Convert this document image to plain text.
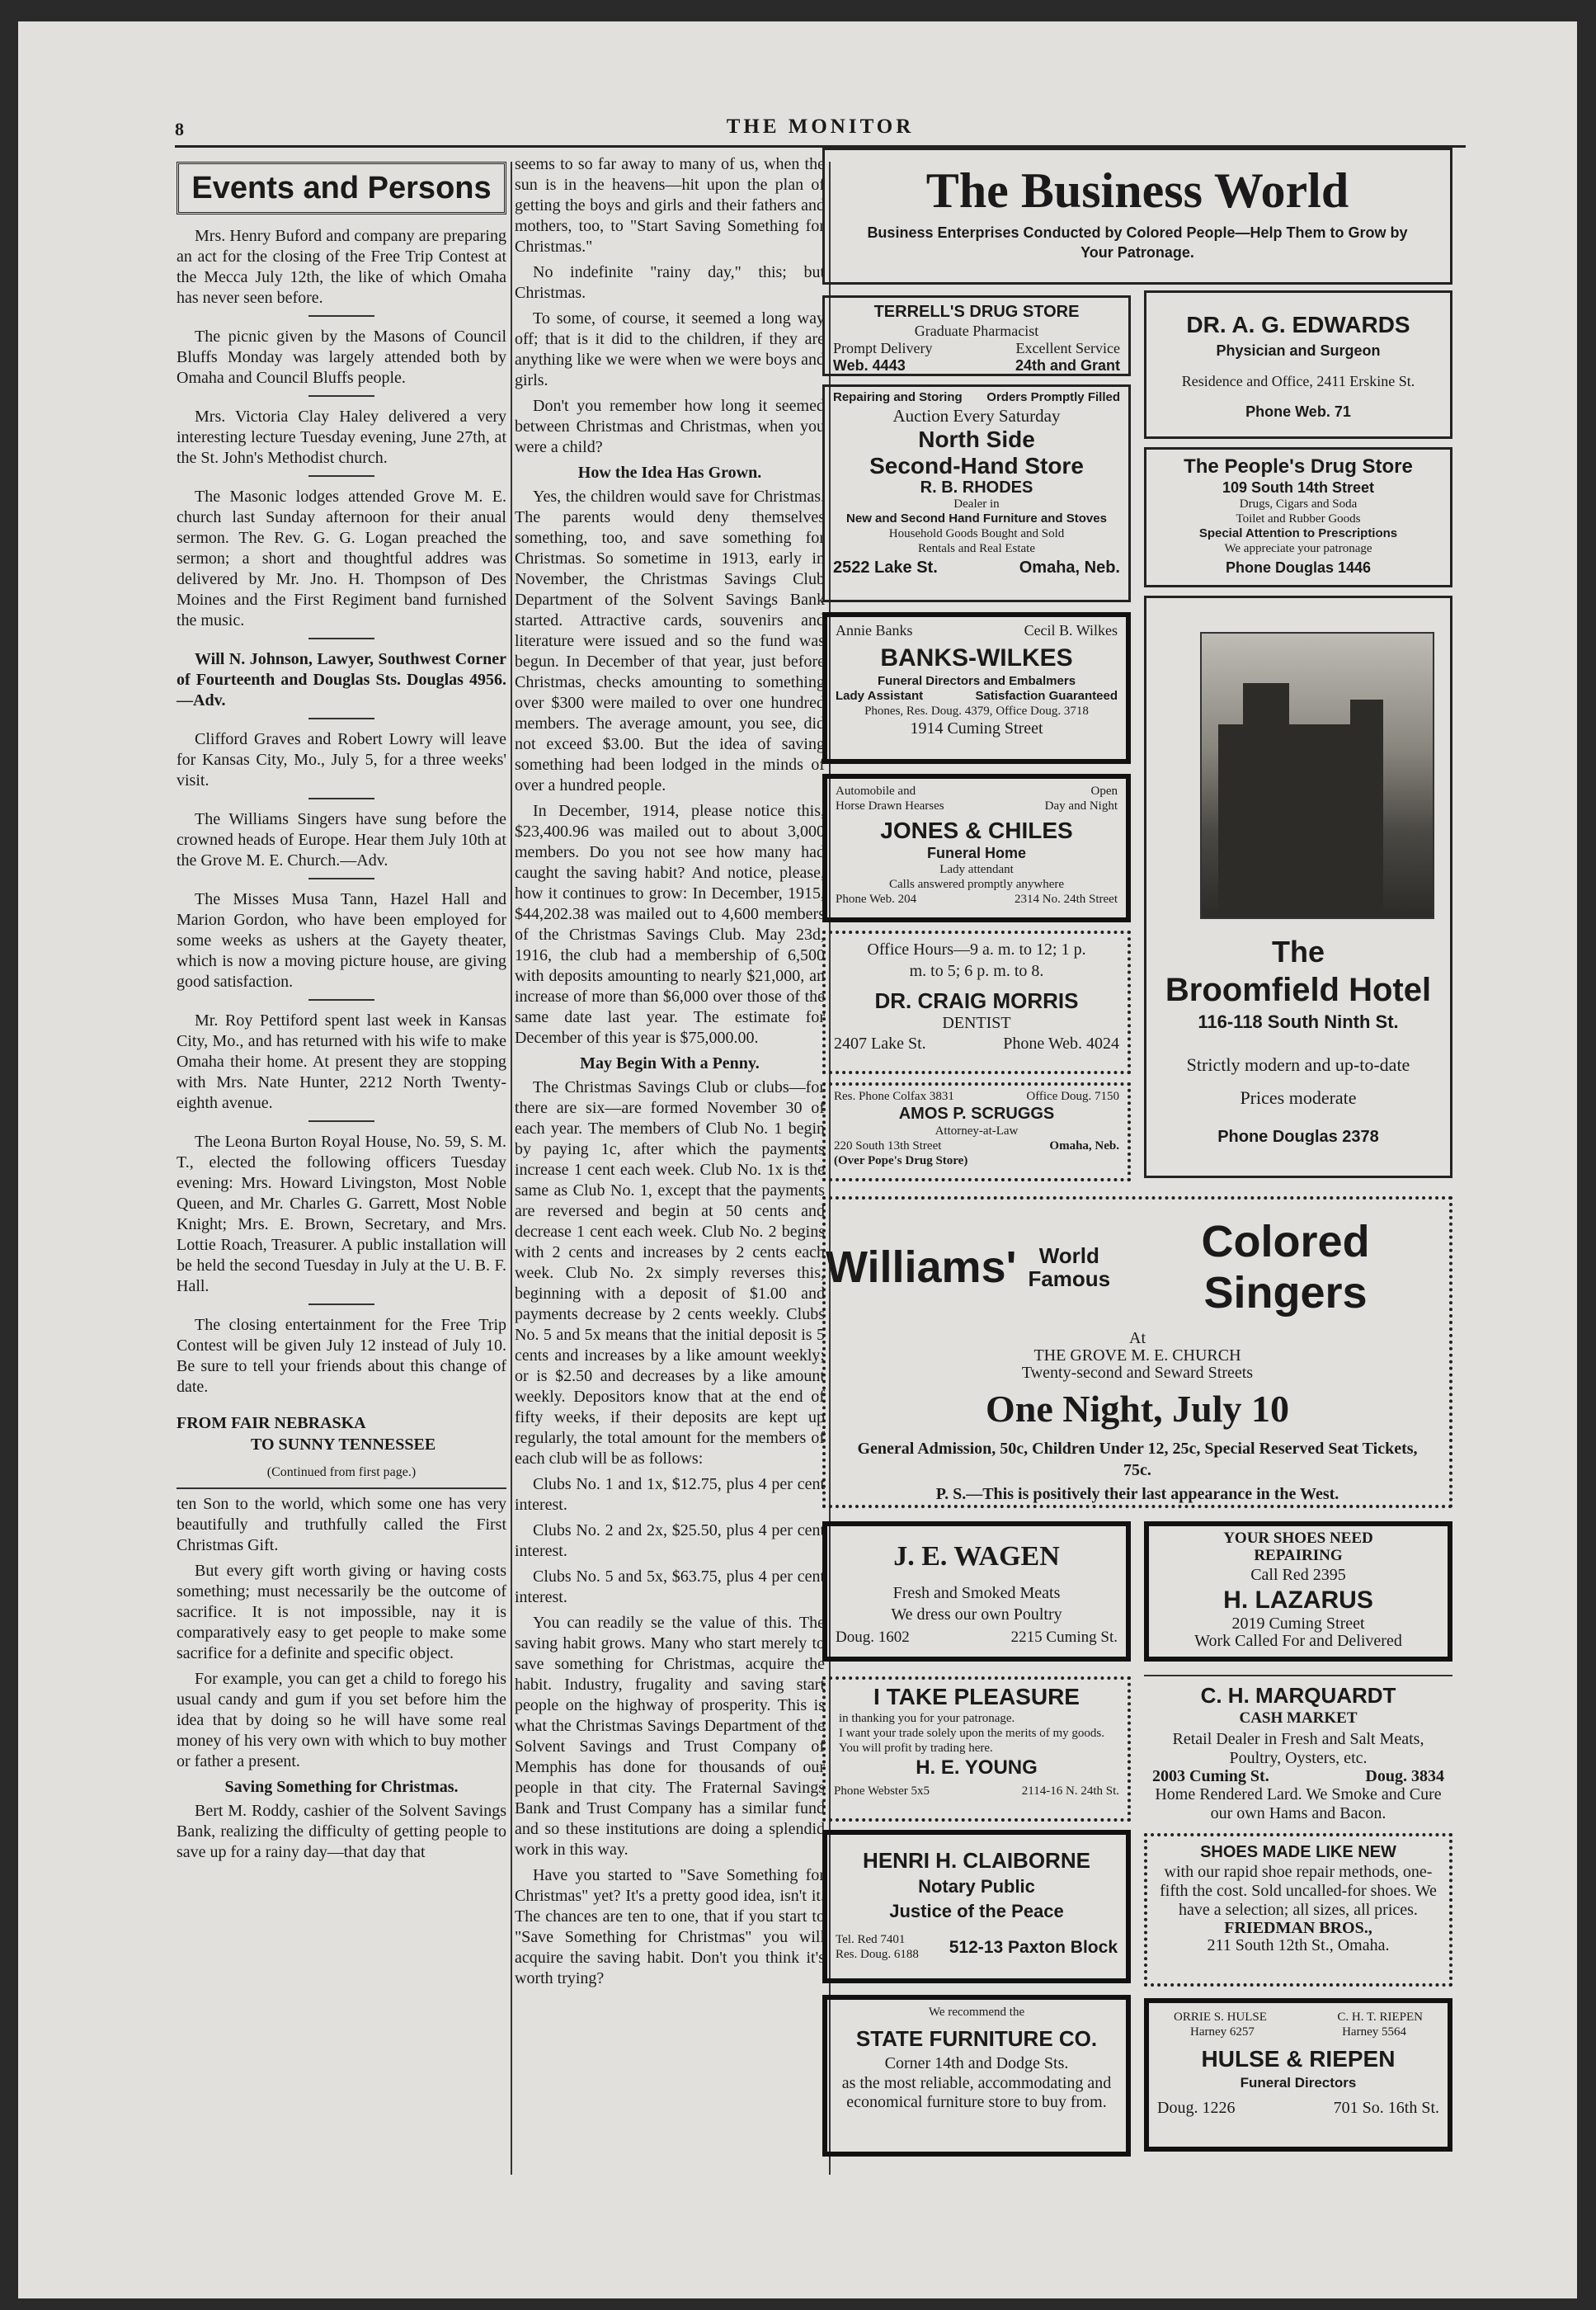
8	THE MONITOR
Events and Persons

Mrs. Henry Buford and company are preparing an act for the closing of the Free Trip Contest at the Mecca July 12th, the like of which Omaha has never seen before.

The picnic given by the Masons of Council Bluffs Monday was largely attended both by Omaha and Council Bluffs people.

Mrs. Victoria Clay Haley delivered a very interesting lecture Tuesday evening, June 27th, at the St. John's Methodist church.

The Masonic lodges attended Grove M. E. church last Sunday afternoon for their anual sermon. The Rev. G. G. Logan preached the sermon; a short and thoughtful addres was delivered by Mr. Jno. H. Thompson of Des Moines and the First Regiment band furnished the music.

Will N. Johnson, Lawyer, Southwest Corner of Fourteenth and Douglas Sts. Douglas 4956.—Adv.

Clifford Graves and Robert Lowry will leave for Kansas City, Mo., July 5, for a three weeks' visit.

The Williams Singers have sung before the crowned heads of Europe. Hear them July 10th at the Grove M. E. Church.—Adv.

The Misses Musa Tann, Hazel Hall and Marion Gordon, who have been employed for some weeks as ushers at the Gayety theater, which is now a moving picture house, are giving good satisfaction.

Mr. Roy Pettiford spent last week in Kansas City, Mo., and has returned with his wife to make Omaha their home. At present they are stopping with Mrs. Nate Hunter, 2212 North Twenty-eighth avenue.

The Leona Burton Royal House, No. 59, S. M. T., elected the following officers Tuesday evening: Mrs. Howard Livingston, Most Noble Queen, and Mr. Charles G. Garrett, Most Noble Knight; Mrs. E. Brown, Secretary, and Mrs. Lottie Roach, Treasurer. A public installation will be held the second Tuesday in July at the U. B. F. Hall.

The closing entertainment for the Free Trip Contest will be given July 12 instead of July 10. Be sure to tell your friends about this change of date.

FROM FAIR NEBRASKA
TO SUNNY TENNESSEE
(Continued from first page.)

ten Son to the world, which some one has very beautifully and truthfully called the First Christmas Gift.

But every gift worth giving or having costs something; must necessarily be the outcome of sacrifice. It is not impossible, nay it is comparatively easy to get people to make some sacrifice for a definite and specific object.

For example, you can get a child to forego his usual candy and gum if you set before him the idea that by doing so he will have some real money of his very own with which to buy mother or father a present.

Saving Something for Christmas.

Bert M. Roddy, cashier of the Solvent Savings Bank, realizing the difficulty of getting people to save up for a rainy day—that day that

seems to so far away to many of us, when the sun is in the heavens—hit upon the plan of getting the boys and girls and their fathers and mothers, too, to "Start Saving Something for Christmas."

No indefinite "rainy day," this; but Christmas.

To some, of course, it seemed a long way off; that is it did to the children, if they are anything like we were when we were boys and girls.

Don't you remember how long it seemed between Christmas and Christmas, when you were a child?

How the Idea Has Grown.

Yes, the children would save for Christmas. The parents would deny themselves something, too, and save something for Christmas. So sometime in 1913, early in November, the Christmas Savings Club Department of the Solvent Savings Bank started. Attractive cards, souvenirs and literature were issued and so the fund was begun. In December of that year, just before Christmas, checks amounting to something over $300 were mailed to over one hundred members. The average amount, you see, did not exceed $3.00. But the idea of saving something had been lodged in the minds of over a hundred people.

In December, 1914, please notice this, $23,400.96 was mailed out to about 3,000 members. Do you not see how many had caught the saving habit? And notice, please, how it continues to grow: In December, 1915, $44,202.38 was mailed out to 4,600 members of the Christmas Savings Club. May 23d, 1916, the club had a membership of 6,500 with deposits amounting to nearly $21,000, an increase of more than $6,000 over those of the same date last year. The estimate for December of this year is $75,000.00.

May Begin With a Penny.

The Christmas Savings Club or clubs—for there are six—are formed November 30 of each year. The members of Club No. 1 begin by paying 1c, after which the payments increase 1 cent each week. Club No. 1x is the same as Club No. 1, except that the payments are reversed and begin at 50 cents and decrease 1 cent each week. Club No. 2 begins with 2 cents and increases by 2 cents each week. Club No. 2x simply reverses this, beginning with a deposit of $1.00 and payments decrease by 2 cents weekly. Clubs No. 5 and 5x means that the initial deposit is 5 cents and increases by a like amount weekly; or is $2.50 and decreases by a like amount weekly. Depositors know that at the end of fifty weeks, if their deposits are kept up regularly, the total amount for the members of each club will be as follows:

Clubs No. 1 and 1x, $12.75, plus 4 per cent interest.

Clubs No. 2 and 2x, $25.50, plus 4 per cent interest.

Clubs No. 5 and 5x, $63.75, plus 4 per cent interest.

You can readily se the value of this. The saving habit grows. Many who start merely to save something for Christmas, acquire the habit. Industry, frugality and saving start people on the highway of prosperity. This is what the Christmas Savings Department of the Solvent Savings and Trust Company of Memphis has done for thousands of our people in that city. The Fraternal Savings Bank and Trust Company has a similar fund and so these institutions are doing a splendid work in this way.

Have you started to "Save Something for Christmas" yet? It's a pretty good idea, isn't it. The chances are ten to one, that if you start to "Save Something for Christmas" you will acquire the saving habit. Don't you think it's worth trying?

The Business World
Business Enterprises Conducted by Colored People—Help Them to Grow by Your Patronage.
TERRELL'S DRUG STORE
Graduate Pharmacist
Prompt Delivery	Excellent Service
Web. 4443	24th and Grant
DR. A. G. EDWARDS
Physician and Surgeon
Residence and Office, 2411 Erskine St.
Phone Web. 71
Repairing and Storing Orders Promptly Filled
Auction Every Saturday
North Side
Second-Hand Store
R. B. RHODES
Dealer in
New and Second Hand Furniture and Stoves
Household Goods Bought and Sold
Rentals and Real Estate
2522 Lake St.	Omaha, Neb.
The People's Drug Store
109 South 14th Street
Drugs, Cigars and Soda
Toilet and Rubber Goods
Special Attention to Prescriptions
We appreciate your patronage
Phone Douglas 1446
Annie Banks	Cecil B. Wilkes
BANKS-WILKES
Funeral Directors and Embalmers
Lady Assistant	Satisfaction Guaranteed
Phones, Res. Doug. 4379, Office Doug. 3718
1914 Cuming Street
Automobile and	Open
Horse Drawn Hearses	Day and Night
JONES & CHILES
Funeral Home
Lady attendant
Calls answered promptly anywhere
Phone Web. 204	2314 No. 24th Street
The
Broomfield Hotel
116-118 South Ninth St.
Strictly modern and up-to-date
Prices moderate
Phone Douglas 2378
Office Hours—9 a. m. to 12; 1 p.
m. to 5; 6 p. m. to 8.
DR. CRAIG MORRIS
DENTIST
2407 Lake St.	Phone Web. 4024
Res. Phone Colfax 3831	Office Doug. 7150
AMOS P. SCRUGGS
Attorney-at-Law
220 South 13th Street	Omaha, Neb.
(Over Pope's Drug Store)
Williams'	World
Famous
Colored Singers
At
THE GROVE M. E. CHURCH
Twenty-second and Seward Streets
One Night, July 10
General Admission, 50c, Children Under 12, 25c, Special Reserved Seat Tickets, 75c.
P. S.—This is positively their last appearance in the West.
J. E. WAGEN
Fresh and Smoked Meats
We dress our own Poultry
Doug. 1602	2215 Cuming St.
YOUR SHOES NEED
REPAIRING
Call Red 2395
H. LAZARUS
2019 Cuming Street
Work Called For and Delivered
I TAKE PLEASURE
in thanking you for your patronage.
I want your trade solely upon the merits of my goods.
You will profit by trading here.
H. E. YOUNG
Phone Webster 5x5	2114-16 N. 24th St.
C. H. MARQUARDT
CASH MARKET
Retail Dealer in Fresh and Salt Meats, Poultry, Oysters, etc.
2003 Cuming St.	Doug. 3834
Home Rendered Lard. We Smoke and Cure our own Hams and Bacon.
HENRI H. CLAIBORNE
Notary Public
Justice of the Peace
Tel. Red 7401
Res. Doug. 6188 512-13 Paxton Block
SHOES MADE LIKE NEW
with our rapid shoe repair methods, one-fifth the cost. Sold uncalled-for shoes. We have a selection; all sizes, all prices.
FRIEDMAN BROS.,
211 South 12th St., Omaha.
We recommend the
STATE FURNITURE CO.
Corner 14th and Dodge Sts.
as the most reliable, accommodating and economical furniture store to buy from.
ORRIE S. HULSE	C. H. T. RIEPEN
Harney 6257	Harney 5564
HULSE & RIEPEN
Funeral Directors
Doug. 1226	701 So. 16th St.
